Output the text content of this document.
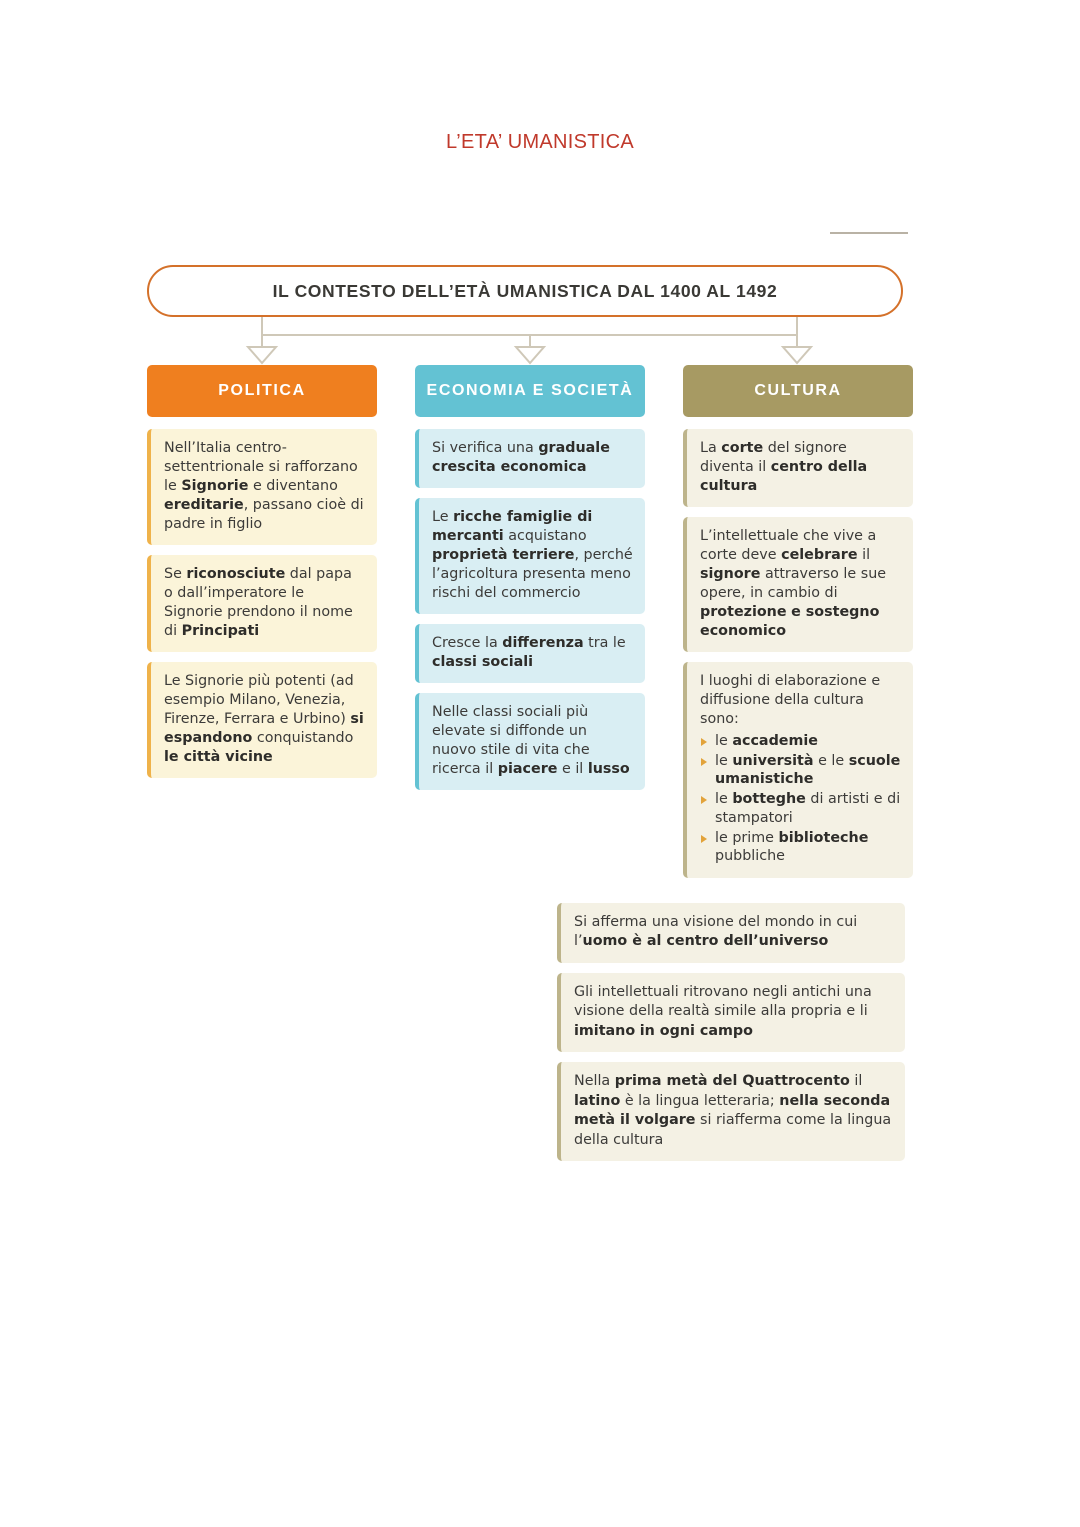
L’ETA’ UMANISTICA
IL CONTESTO DELL’ETÀ UMANISTICA DAL 1400 AL 1492
POLITICA
Nell’Italia centro-settentrionale si rafforzano le Signorie e diventano ereditarie, passano cioè di padre in figlio
Se riconosciute dal papa o dall’imperatore le Signorie prendono il nome di Principati
Le Signorie più potenti (ad esempio Milano, Venezia, Firenze, Ferrara e Urbino) si espandono conquistando le città vicine
ECONOMIA E SOCIETÀ
Si verifica una graduale crescita economica
Le ricche famiglie di mercanti acquistano proprietà terriere, perché l’agricoltura presenta meno rischi del commercio
Cresce la differenza tra le classi sociali
Nelle classi sociali più elevate si diffonde un nuovo stile di vita che ricerca il piacere e il lusso
CULTURA
La corte del signore diventa il centro della cultura
L’intellettuale che vive a corte deve celebrare il signore attraverso le sue opere, in cambio di protezione e sostegno economico
I luoghi di elaborazione e diffusione della cultura sono:
le accademie
le università e le scuole umanistiche
le botteghe di artisti e di stampatori
le prime biblioteche pubbliche
Si afferma una visione del mondo in cui l’uomo è al centro dell’universo
Gli intellettuali ritrovano negli antichi una visione della realtà simile alla propria e li imitano in ogni campo
Nella prima metà del Quattrocento il latino è la lingua letteraria; nella seconda metà il volgare si riafferma come la lingua della cultura
